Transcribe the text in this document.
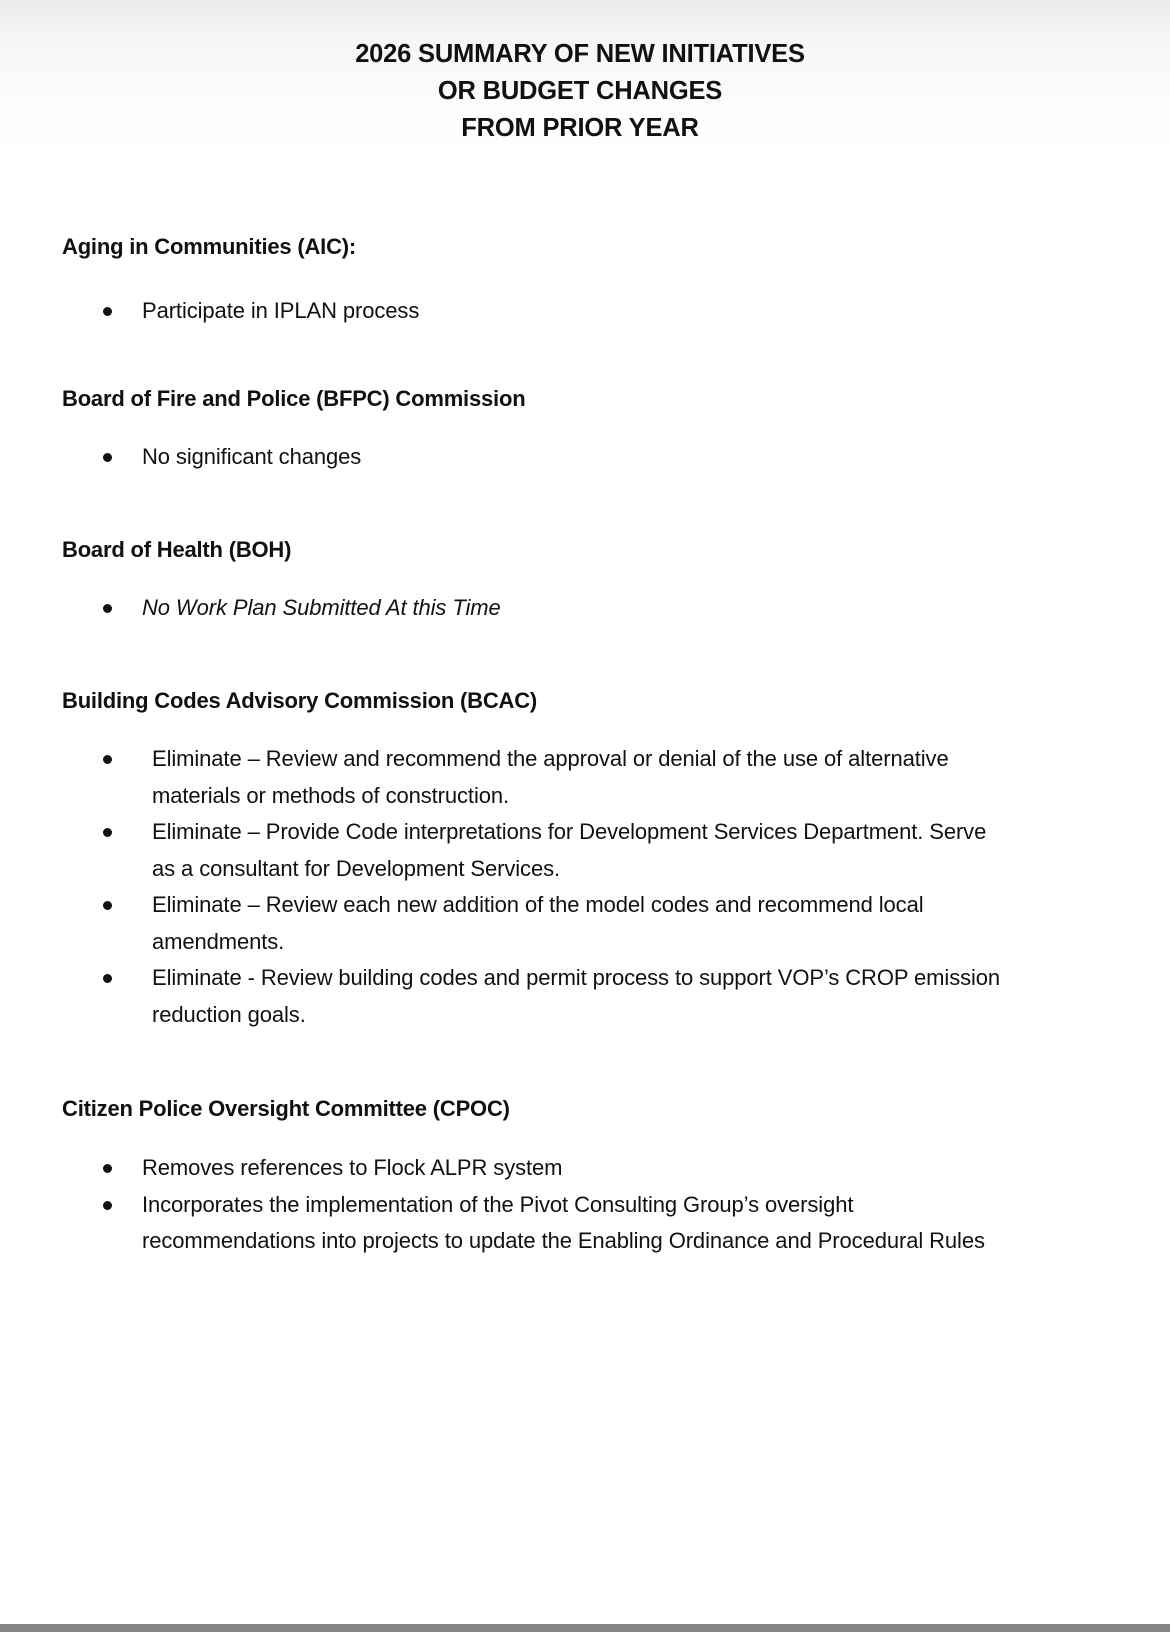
2026 SUMMARY OF NEW INITIATIVES
OR BUDGET CHANGES
FROM PRIOR YEAR
Aging in Communities (AIC):
Participate in IPLAN process
Board of Fire and Police (BFPC) Commission
No significant changes
Board of Health (BOH)
No Work Plan Submitted At this Time
Building Codes Advisory Commission (BCAC)
Eliminate – Review and recommend the approval or denial of the use of alternative
materials or methods of construction.
Eliminate – Provide Code interpretations for Development Services Department. Serve
as a consultant for Development Services.
Eliminate – Review each new addition of the model codes and recommend local
amendments.
Eliminate - Review building codes and permit process to support VOP’s CROP emission
reduction goals.
Citizen Police Oversight Committee (CPOC)
Removes references to Flock ALPR system
Incorporates the implementation of the Pivot Consulting Group’s oversight
recommendations into projects to update the Enabling Ordinance and Procedural Rules
